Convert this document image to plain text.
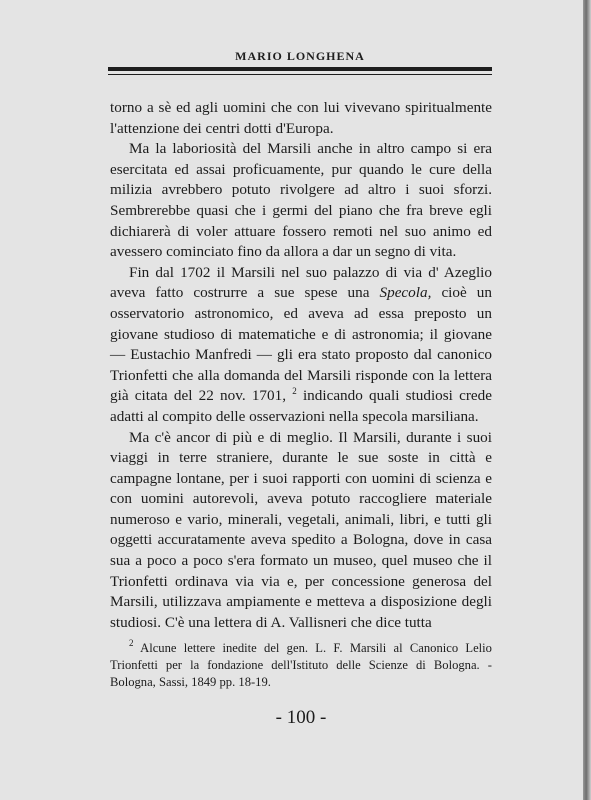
MARIO LONGHENA

torno a sè ed agli uomini che con lui vivevano spiritualmente l'attenzione dei centri dotti d'Europa.

Ma la laboriosità del Marsili anche in altro campo si era esercitata ed assai proficuamente, pur quando le cure della milizia avrebbero potuto rivolgere ad altro i suoi sforzi. Sembrerebbe quasi che i germi del piano che fra breve egli dichiarerà di voler attuare fossero remoti nel suo animo ed avessero cominciato fino da allora a dar un segno di vita.

Fin dal 1702 il Marsili nel suo palazzo di via d' Azeglio aveva fatto costrurre a sue spese una Specola, cioè un osservatorio astronomico, ed aveva ad essa preposto un giovane studioso di matematiche e di astronomia; il giovane — Eustachio Manfredi — gli era stato proposto dal canonico Trionfetti che alla domanda del Marsili risponde con la lettera già citata del 22 nov. 1701, $^2$ indicando quali studiosi crede adatti al compito delle osservazioni nella specola marsiliana.

Ma c'è ancor di più e di meglio. Il Marsili, durante i suoi viaggi in terre straniere, durante le sue soste in città e campagne lontane, per i suoi rapporti con uomini di scienza e con uomini autorevoli, aveva potuto raccogliere materiale numeroso e vario, minerali, vegetali, animali, libri, e tutti gli oggetti accuratamente aveva spedito a Bologna, dove in casa sua a poco a poco s'era formato un museo, quel museo che il Trionfetti ordinava via via e, per concessione generosa del Marsili, utilizzava ampiamente e metteva a disposizione degli studiosi. C'è una lettera di A. Vallisneri che dice tutta

$^2$ Alcune lettere inedite del gen. L. F. Marsili al Canonico Lelio Trionfetti per la fondazione dell'Istituto delle Scienze di Bologna. - Bologna, Sassi, 1849 pp. 18-19.

- 100 -
